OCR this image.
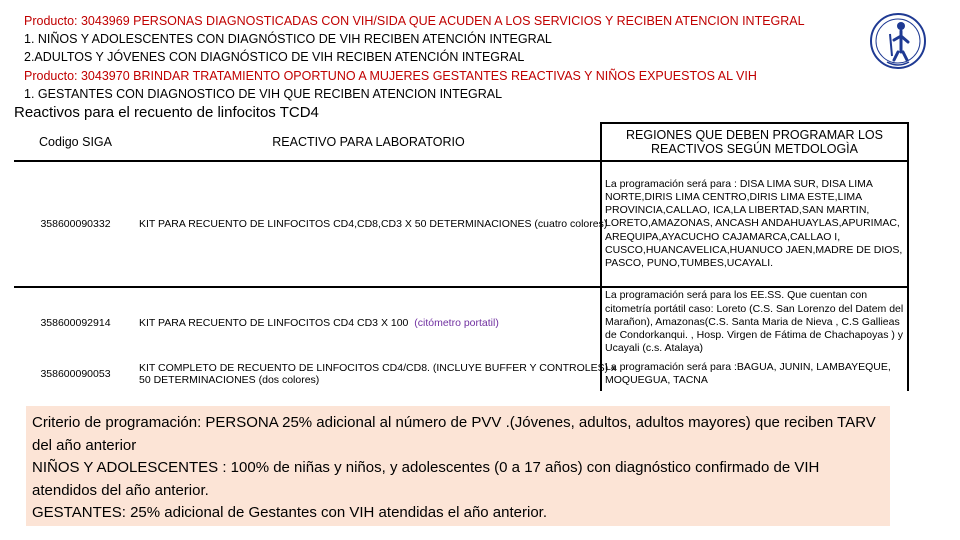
Producto: 3043969 PERSONAS DIAGNOSTICADAS CON VIH/SIDA QUE ACUDEN A LOS SERVICIOS Y RECIBEN ATENCION INTEGRAL
1. NIÑOS Y ADOLESCENTES CON DIAGNÓSTICO DE VIH RECIBEN ATENCIÓN INTEGRAL
2.ADULTOS Y JÓVENES CON DIAGNÓSTICO DE VIH RECIBEN ATENCIÓN INTEGRAL
Producto: 3043970 BRINDAR TRATAMIENTO OPORTUNO A MUJERES GESTANTES REACTIVAS Y NIÑOS EXPUESTOS AL VIH
1. GESTANTES CON DIAGNOSTICO DE VIH QUE RECIBEN ATENCION INTEGRAL
Reactivos para el recuento de linfocitos TCD4
Codigo SIGA	REACTIVO PARA LABORATORIO	REGIONES QUE DEBEN PROGRAMAR LOS REACTIVOS SEGÚN METDOLOGÌA
358600090332	KIT PARA RECUENTO DE LINFOCITOS CD4,CD8,CD3 X 50 DETERMINACIONES (cuatro colores)	La programación será para : DISA LIMA SUR, DISA LIMA NORTE,DIRIS LIMA CENTRO,DIRIS LIMA ESTE,LIMA PROVINCIA,CALLAO, ICA,LA LIBERTAD,SAN MARTIN, LORETO,AMAZONAS, ANCASH ANDAHUAYLAS,APURIMAC, AREQUIPA,AYACUCHO CAJAMARCA,CALLAO I, CUSCO,HUANCAVELICA,HUANUCO JAEN,MADRE DE DIOS, PASCO, PUNO,TUMBES,UCAYALI.
358600092914	KIT PARA RECUENTO DE LINFOCITOS CD4 CD3 X 100 (citómetro portatil)	La programación será para los EE.SS. Que cuentan con citometría portátil caso: Loreto (C.S. San Lorenzo del Datem del Marañon), Amazonas(C.S. Santa Maria de Nieva , C.S Gallieas de Condorkanqui. , Hosp. Virgen de Fátima de Chachapoyas ) y Ucayali (c.s. Atalaya)
358600090053	KIT COMPLETO DE RECUENTO DE LINFOCITOS CD4/CD8. (INCLUYE BUFFER Y CONTROLES) x
50 DETERMINACIONES (dos colores)	La programación será para :BAGUA, JUNIN, LAMBAYEQUE, MOQUEGUA, TACNA
Criterio de programación: PERSONA 25% adicional al número de PVV .(Jóvenes, adultos, adultos mayores) que reciben TARV del año anterior
NIÑOS Y ADOLESCENTES : 100% de niñas y niños, y adolescentes (0 a 17 años) con diagnóstico confirmado de VIH atendidos del año anterior.
GESTANTES: 25% adicional de Gestantes con VIH atendidas el año anterior.
